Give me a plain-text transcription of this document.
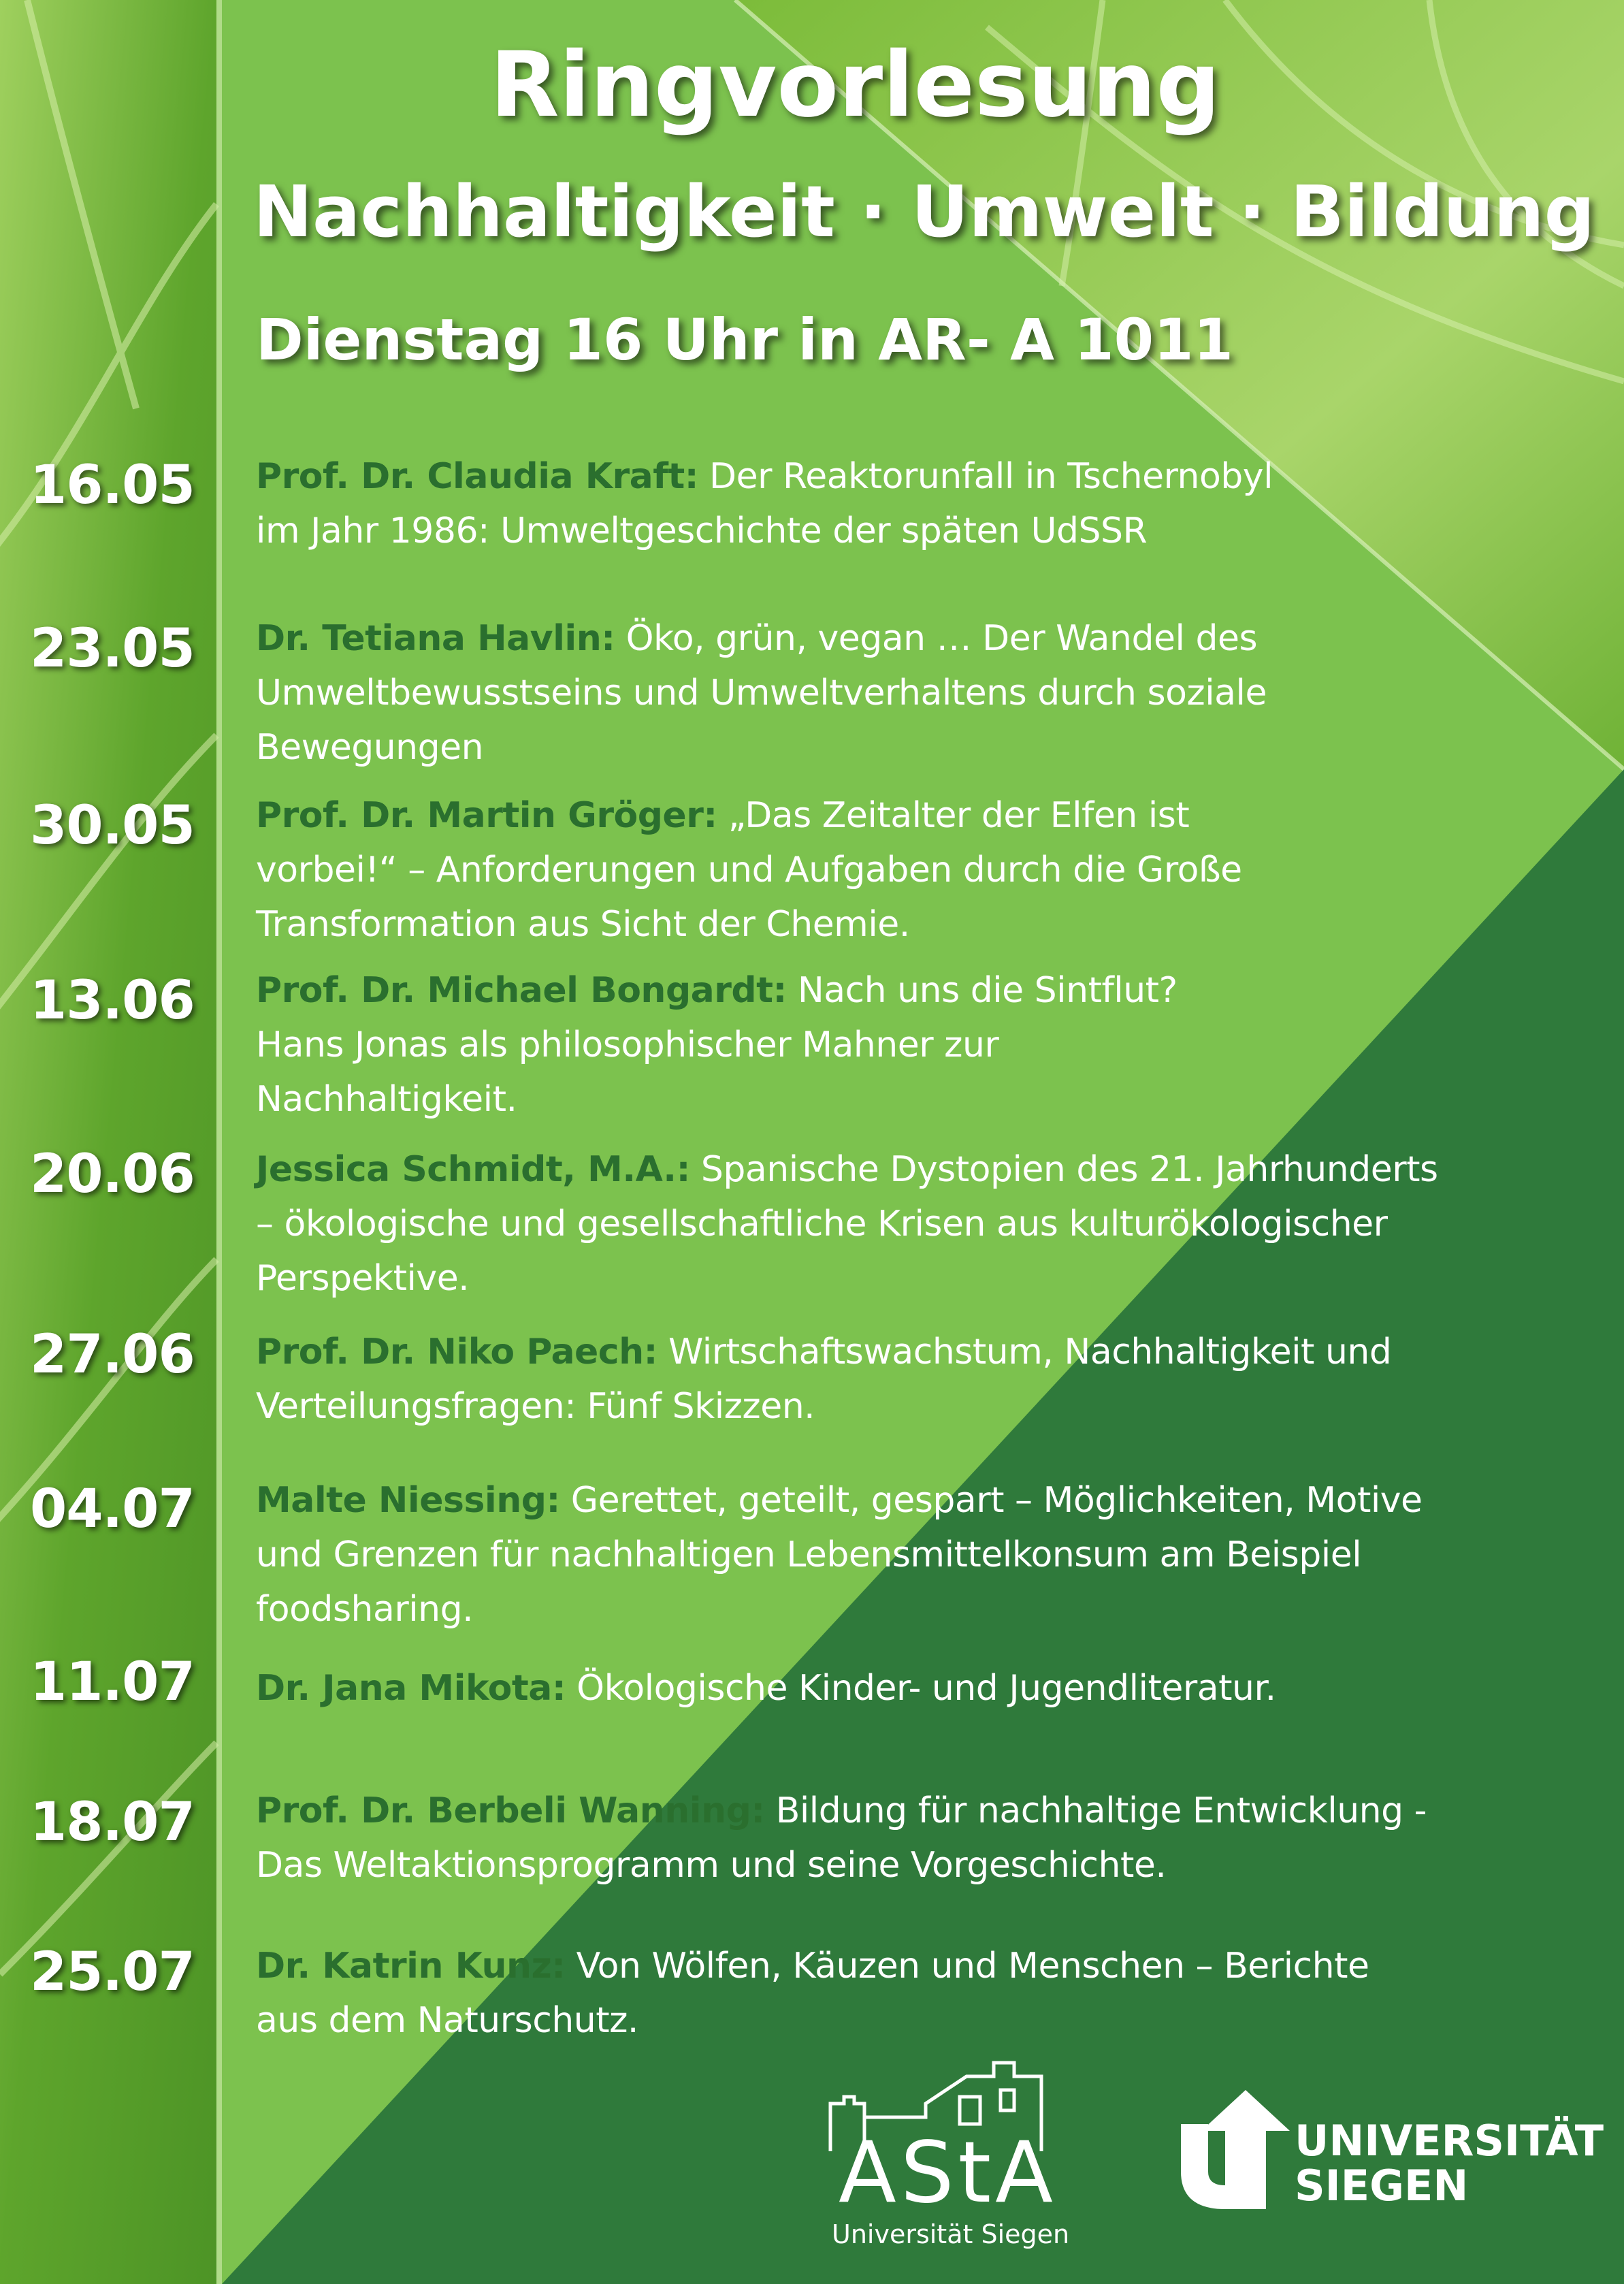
Ringvorlesung
Nachhaltigkeit · Umwelt · Bildung
Dienstag 16 Uhr in AR- A 1011
16.05 Prof. Dr. Claudia Kraft: Der Reaktorunfall in Tschernobyl
im Jahr 1986: Umweltgeschichte der späten UdSSR
23.05 Dr. Tetiana Havlin: Öko, grün, vegan … Der Wandel des
Umweltbewusstseins und Umweltverhaltens durch soziale
Bewegungen
30.05 Prof. Dr. Martin Gröger: „Das Zeitalter der Elfen ist
vorbei!“ – Anforderungen und Aufgaben durch die Große
Transformation aus Sicht der Chemie.
13.06 Prof. Dr. Michael Bongardt: Nach uns die Sintflut?
Hans Jonas als philosophischer Mahner zur
Nachhaltigkeit.
20.06 Jessica Schmidt, M.A.: Spanische Dystopien des 21. Jahrhunderts
– ökologische und gesellschaftliche Krisen aus kulturökologischer
Perspektive.
27.06 Prof. Dr. Niko Paech: Wirtschaftswachstum, Nachhaltigkeit und
Verteilungsfragen: Fünf Skizzen.
04.07 Malte Niessing: Gerettet, geteilt, gespart – Möglichkeiten, Motive
und Grenzen für nachhaltigen Lebensmittelkonsum am Beispiel
foodsharing.
11.07 Dr. Jana Mikota: Ökologische Kinder- und Jugendliteratur.
18.07 Prof. Dr. Berbeli Wanning: Bildung für nachhaltige Entwicklung -
Das Weltaktionsprogramm und seine Vorgeschichte.
25.07 Dr. Katrin Kunz: Von Wölfen, Käuzen und Menschen – Berichte
aus dem Naturschutz.
AStA
Universität Siegen
UNIVERSITÄT
SIEGEN
